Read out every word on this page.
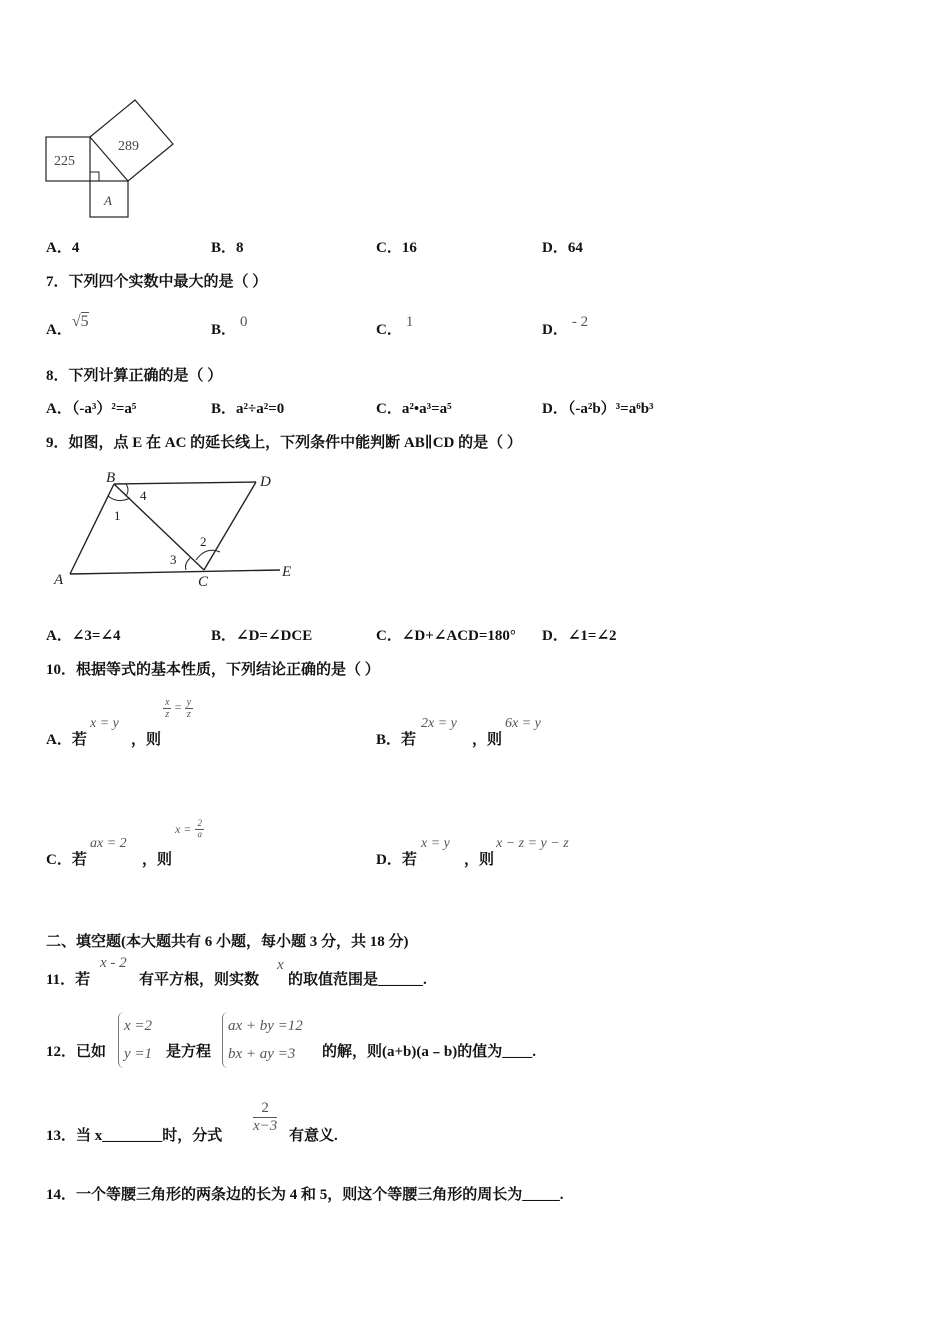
225
289
A
A．4	B．8	C．16	D．64
7．下列四个实数中最大的是（ ）
A．√5	B． 0	C． 1	D． - 2
8．下列计算正确的是（ ）
A．（-a³）²=a⁵	B．a²÷a²=0	C．a²•a³=a⁵	D．（-a²b）³=a⁶b³
9．如图，点 E 在 AC 的延长线上，下列条件中能判断 AB∥CD 的是（ ）
B	D
A	C
E
1
4
2
3
A．∠3=∠4	B．∠D=∠DCE	C．∠D+∠ACD=180° D．∠1=∠2
10．根据等式的基本性质，下列结论正确的是（ ）
A．若
x = y
，则
$\frac{x}{z} = \frac{y}{z}$
B．若
2x = y
，则
6x = y
C．若
ax = 2
，则
$x = \frac{2}{a}$
D．若
x = y
，则
x − z = y − z
二、填空题(本大题共有 6 小题，每小题 3 分，共 18 分)
11．若
x - 2
有平方根，则实数
x
的取值范围是______.
12．已如
x =2
y =1 是方程
ax + by =12
bx + ay =3	的解，则(a+b)(a﹣b)的值为____.
13．当 x________时，分式
$\frac{2}{x-3}$
有意义.
14．一个等腰三角形的两条边的长为 4 和 5，则这个等腰三角形的周长为_____.
